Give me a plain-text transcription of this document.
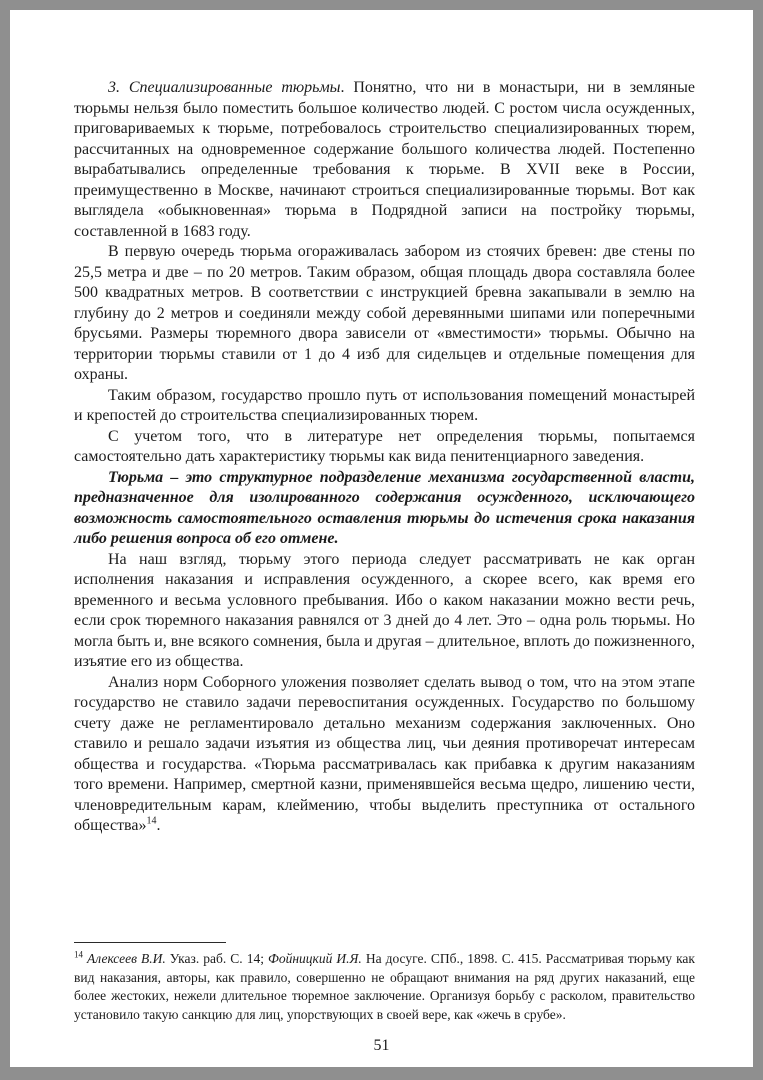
3. Специализированные тюрьмы. Понятно, что ни в монастыри, ни в земляные тюрьмы нельзя было поместить большое количество людей. С ростом числа осужденных, приговариваемых к тюрьме, потребовалось строительство специализированных тюрем, рассчитанных на одновременное содержание большого количества людей. Постепенно вырабатывались определенные требования к тюрьме. В XVII веке в России, преимущественно в Москве, начинают строиться специализированные тюрьмы. Вот как выглядела «обыкновенная» тюрьма в Подрядной записи на постройку тюрьмы, составленной в 1683 году.

В первую очередь тюрьма огораживалась забором из стоячих бревен: две стены по 25,5 метра и две – по 20 метров. Таким образом, общая площадь двора составляла более 500 квадратных метров. В соответствии с инструкцией бревна закапывали в землю на глубину до 2 метров и соединяли между собой деревянными шипами или поперечными брусьями. Размеры тюремного двора зависели от «вместимости» тюрьмы. Обычно на территории тюрьмы ставили от 1 до 4 изб для сидельцев и отдельные помещения для охраны.

Таким образом, государство прошло путь от использования помещений монастырей и крепостей до строительства специализированных тюрем.

С учетом того, что в литературе нет определения тюрьмы, попытаемся самостоятельно дать характеристику тюрьмы как вида пенитенциарного заведения.

Тюрьма – это структурное подразделение механизма государственной власти, предназначенное для изолированного содержания осужденного, исключающего возможность самостоятельного оставления тюрьмы до истечения срока наказания либо решения вопроса об его отмене.

На наш взгляд, тюрьму этого периода следует рассматривать не как орган исполнения наказания и исправления осужденного, а скорее всего, как время его временного и весьма условного пребывания. Ибо о каком наказании можно вести речь, если срок тюремного наказания равнялся от 3 дней до 4 лет. Это – одна роль тюрьмы. Но могла быть и, вне всякого сомнения, была и другая – длительное, вплоть до пожизненного, изъятие его из общества.

Анализ норм Соборного уложения позволяет сделать вывод о том, что на этом этапе государство не ставило задачи перевоспитания осужденных. Государство по большому счету даже не регламентировало детально механизм содержания заключенных. Оно ставило и решало задачи изъятия из общества лиц, чьи деяния противоречат интересам общества и государства. «Тюрьма рассматривалась как прибавка к другим наказаниям того времени. Например, смертной казни, применявшейся весьма щедро, лишению чести, членовредительным карам, клеймению, чтобы выделить преступника от остального общества»$^{14}$.

$^{14}$ Алексеев В.И. Указ. раб. С. 14; Фойницкий И.Я. На досуге. СПб., 1898. С. 415. Рассматривая тюрьму как вид наказания, авторы, как правило, совершенно не обращают внимания на ряд других наказаний, еще более жестоких, нежели длительное тюремное заключение. Организуя борьбу с расколом, правительство установило такую санкцию для лиц, упорствующих в своей вере, как «жечь в срубе».

51
